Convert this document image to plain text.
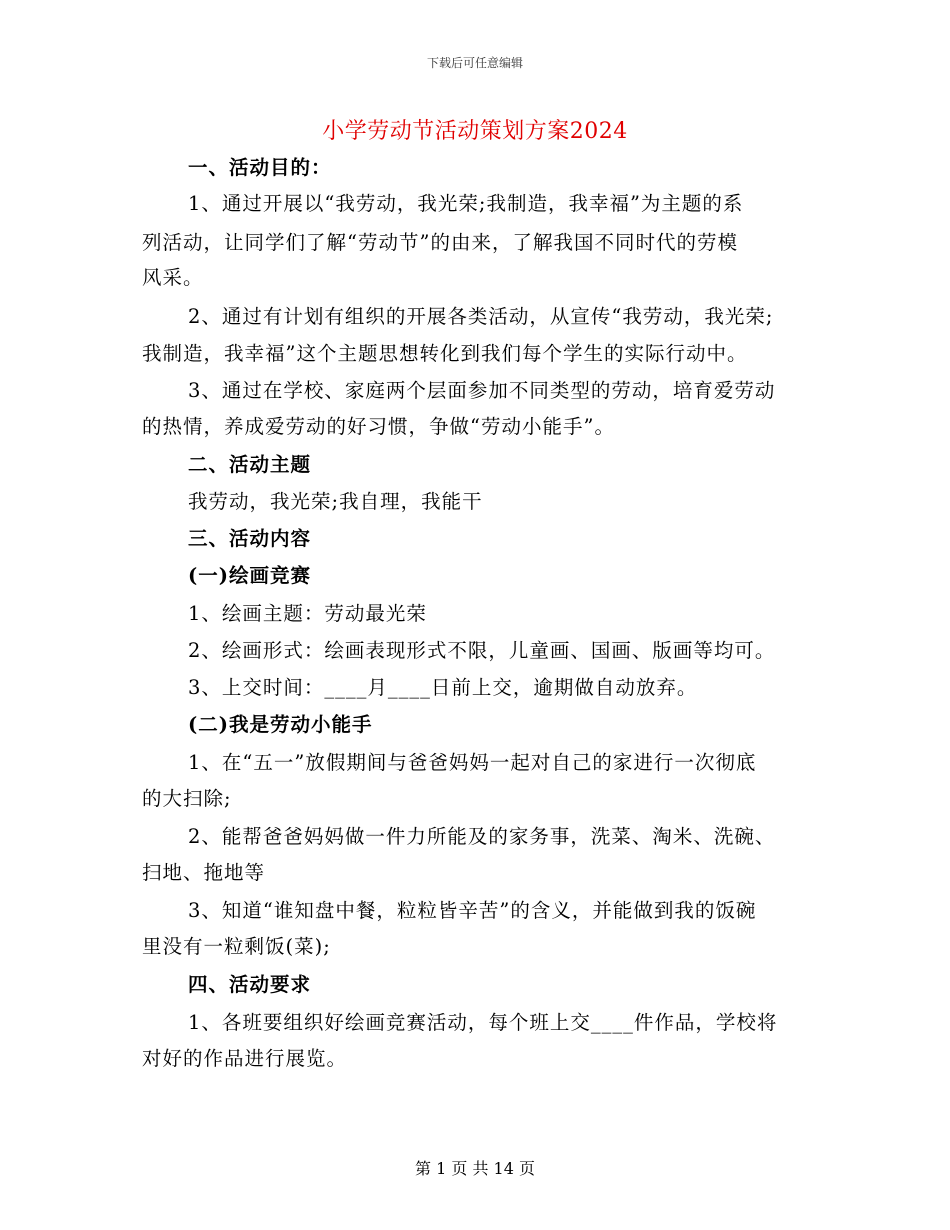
下载后可任意编辑
小学劳动节活动策划方案2024
一、活动目的：
1、通过开展以“我劳动，我光荣;我制造，我幸福”为主题的系
列活动，让同学们了解“劳动节”的由来，了解我国不同时代的劳模
风采。
2、通过有计划有组织的开展各类活动，从宣传“我劳动，我光荣;
我制造，我幸福”这个主题思想转化到我们每个学生的实际行动中。
3、通过在学校、家庭两个层面参加不同类型的劳动，培育爱劳动
的热情，养成爱劳动的好习惯，争做“劳动小能手”。
二、活动主题
我劳动，我光荣;我自理，我能干
三、活动内容
(一)绘画竞赛
1、绘画主题：劳动最光荣
2、绘画形式：绘画表现形式不限，儿童画、国画、版画等均可。
3、上交时间：____月____日前上交，逾期做自动放弃。
(二)我是劳动小能手
1、在“五一”放假期间与爸爸妈妈一起对自己的家进行一次彻底
的大扫除;
2、能帮爸爸妈妈做一件力所能及的家务事，洗菜、淘米、洗碗、
扫地、拖地等
3、知道“谁知盘中餐，粒粒皆辛苦”的含义，并能做到我的饭碗
里没有一粒剩饭(菜);
四、活动要求
1、各班要组织好绘画竞赛活动，每个班上交____件作品，学校将
对好的作品进行展览。
第 1 页 共 14 页
